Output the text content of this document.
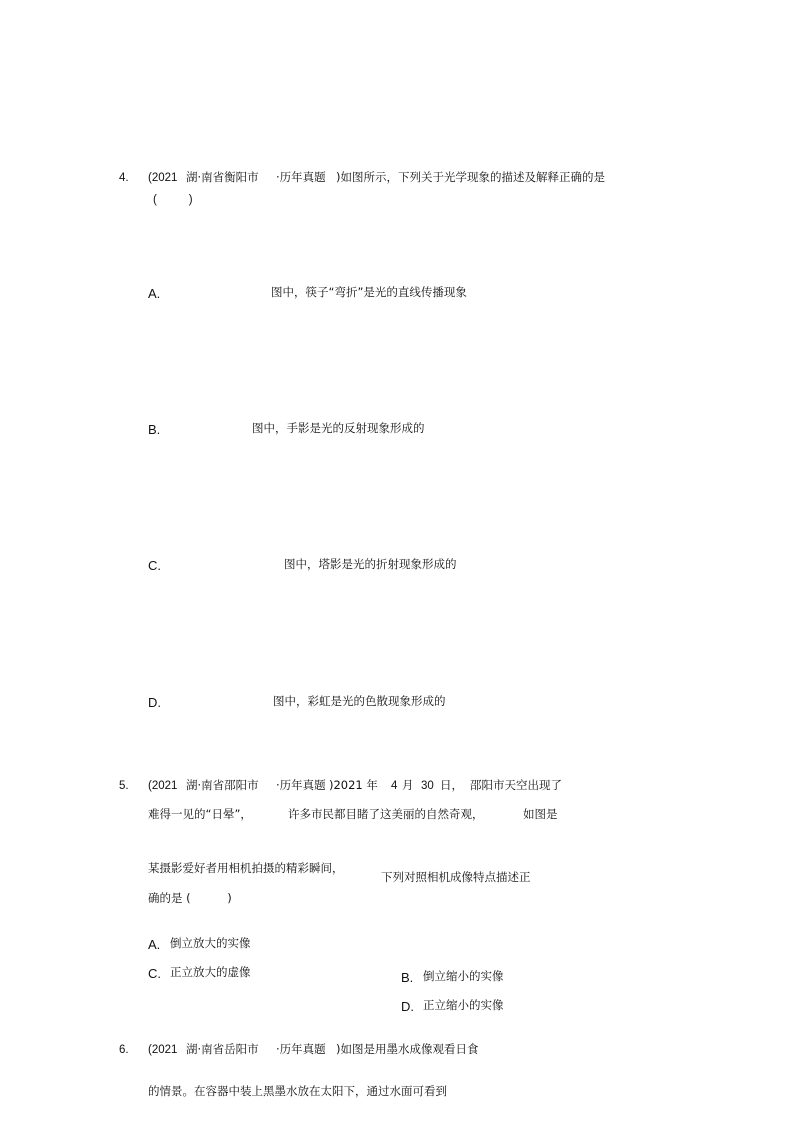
4. (2021 湖·南省衡阳市 ·历年真题 )如图所示，下列关于光学现象的描述及解释正确的是
(          )
A.	图中，筷子“弯折”是光的直线传播现象
B.	图中，手影是光的反射现象形成的
C.	图中，塔影是光的折射现象形成的
D.	图中，彩虹是光的色散现象形成的
5. (2021 湖·南省邵阳市 ·历年真题 )2021 年 4 月 30 日， 邵阳市天空出现了
难得一见的“日晕”，	许多市民都目睹了这美丽的自然奇观，	如图是
某摄影爱好者用相机拍摄的精彩瞬间，
下列对照相机成像特点描述正
确的是 (          )
A. 倒立放大的实像
C. 正立放大的虚像	B. 倒立缩小的实像
D. 正立缩小的实像
6. (2021 湖·南省岳阳市 ·历年真题 )如图是用墨水成像观看日食
的情景。在容器中装上黑墨水放在太阳下，通过水面可看到
